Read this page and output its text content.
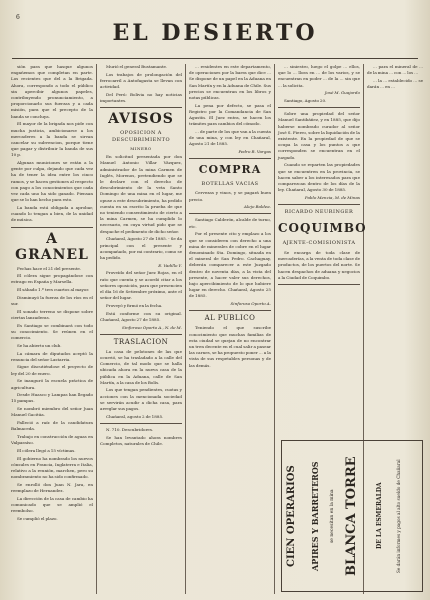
6
EL DESIERTO

sión para que hasque algunos engañemos que completan en parte. Los recientes que del a la Brigada. Ahora, correspondo a todo el público sin apercibir algunos papeles, contribuyendo pronunciamiento, a proporcionarlo sus fuerzas y a cada misión, para que el precepto de la banda se concluya.

El mayor de la brigada nos pide con mucha justicia, ambicionarse a los mercaderes a la banda se sirvan cancelar su subvencion, porque tiene que pagar y distribuir la banda de sus 10 p.

Algunas municiones se están a la gente por culpa, dejando que cada vez ha de tener la idea entre los cinco ramos, y se hacen gestiones al respecto con pago a los conocimientos que cada vez cada uno ha sido ganado. Piensan que se lo han hecho para esto.

La banda está obligada a aprobar, cuando lo tengan a bien, de la unidad de música.

A GRANEL

Fechas hace el 21 del presente.

El cólera sigue propagándose con estrago en España y Marsella.

El sábado 1.º tres cuartos al mayor.

Disminuyó la fuerza de los ríos en el sur.

El sonado terreno se dispone sobre ciertas lanzaderas.

Es Santiago se combinará con todo su conocimiento. Se reúnen en el comercio.

Se ha abierto un club.

La cámara de diputados aceptó la renuncia del señor Lastarria.

Sigue discutiéndose el proyecto de ley del 20 de enero.

Se inauguró la escuela práctica de agricultura.

Desde Huasco y Lampas han llegado 15 pampas.

Se nombró miembro del señor Juan Manuel Gacitúa.

Falleció a raíz de la candidatura Balmaceda.

Trabajo en construcción de aguas en Valparaíso.

El cólera llegó a 15 víctimas.

El gobierno ha nombrado los nuevos cónsules en Francia, Inglaterra e Italia, relativo a la reunión, marchen, pero su nombramiento no ha sido confirmado.

Se enrolló don Juan N. Jara, en reemplazo de Hernandez.

La dirección de la casa de cambio ha comunicado que se amplió el reembolso.

Se cumplió el plazo.

Murió el general Bustamante.

Los trabajos de prolongación del ferrocarril a Antofagasta se llevan con actividad.

Del Perú: Bolivia no hay noticias importantes.

AVISOS
OPOSICION A DESCUBRIMIENTO
MINERO

En solicitud presentada por don Manuel Antonio Villar Vázquez, administrador de la mina Carmen de Inglés, Morenos, pretendiendo que se le declare con el derecho de descubrimiento de la veta Santo Domingo de una mina en el lugar, me opuse a este descubrimiento, ha pedido cuenta en su escrito la prueba de que no teniendo consentimiento de cierto a la mina Carmen, se ha cumplido lo necesario, en cuya virtud pido que se despache el pedimento de dicho señor.

Chañaral, Agosto 27 de 1885. - Se da principal con el presente y acompañado, por mi contrario, como se ha pedido.

E. Vadillo Y.

Proveído del señor Juez Rojas, en el rato que cuenta y se acordó citar a los señores oposición, para que presencien el día 16 de Setiembre próximo, ante el señor del lugar.

Proveyó y firmó en la fecha.

Está conforme con su original. Chañaral, Agosto 27 de 1885.

Sinforoso Oporto A., N. de M.

TRASLACION

La casa de pelotones de las que ocurrió, se ha trasladado a la calle del Comercio, de tal modo que se halla ubicada ahora en la nueva casa de la pública en la Aduana, calle de San Martín, a la casa de los Bolís.

Los que tengan pendientes, cuotas y acciones con la mencionada sociedad se servirán acudir a dicha casa, para arreglar sus pagos.

Chañaral, agosto 2 de 1885.

N. 710. Descubridores.

Se han levantado ahora nombres Completos, naturales de Chile.

... residentes en este departamento, de operaciones por la barra que dice ... Se dispone de un papel en la Aduana en San Martín y en la Aduana de Chile. Sus precios se encuentran en los libros y notas públicas.

La pena por defecto, se pasa el Registro por la Comandancia de San Agustín. El Juez entra, se hacen los trámites para cambios del cómodo.

... de parte de los que van a la cuenta de una mina, y con ley en Chañaral, Agosto 21 de 1885.

Pedro R. Vargas

COMPRA
BOTELLAS VACIAS

Cervezas y vinos, y se pagará buen precio.

Alejo Baldea.

Santiago Calderón, alcalde de turno, etc.

Por el presente cito y emplazo a los que se consideren con derecho a una mina de minerales de cobre en el lugar denominado Sta. Domingo, situada en el mineral de San Pedro. Cachaguay, deberán comparecer a este Juzgado dentro de noventa días, a la vista del presente, a hacer valer sus derechos, bajo apercibimiento de lo que hubiere lugar en derecho. Chañaral, Agosto 25 de 1885.

Sinforoso Oporto A.

AL PUBLICO

Teniendo el que suscribe conocimiento que muchas familias de esta ciudad se quejan de no encontrar un tren decente en el cual salir a pasear las carnes, se ha propuesto poner ... a la vista de sus respetables personas y de las demás.

... siniestro, luego el golpe ... ellos, que lo ... llora en ... de los varios, y se encuentran en poder ... de la ... sin que ... la solicita.

José M. Guajardo

Santiago, Agosto 20.

Sobre una propiedad del señor Manuel Santibáñez, y en 1885, que dijo haberse nombrado curador al señor José S. Fierro, sobre la liquidación de la existente. En la propiedad de que se ocupa la casa y los puntos a que corresponden se encuentran en el juzgado.

Cuando se reparten las propiedades que se encuentren en la provincia, se hacen saber a los interesados para que comparezcan dentro de los días de la ley. Chañaral, Agosto 30 de 1885.

Pablo Menzia, M. de Minas

RICARDO NEURINGER
COQUIMBO
AJENTE-COMISIONISTA

Se encarga de toda clase de mercaderías, a la venta de toda clase de productos, de los puertos del norte. Se hacen despachos de aduana y negocios a la Ciudad de Coquimbo.

CIEN OPERARIOS	APIRES Y BARRETEROS	se necesitan en la mina BLANCA TORRE	DE LA ESMERALDA	Se darán informes y pagos al alto sueldo de Chañaral

... para el mineral de ... de la mina ... con ... los ...

... la ... establecido ... se darán ... en ...
